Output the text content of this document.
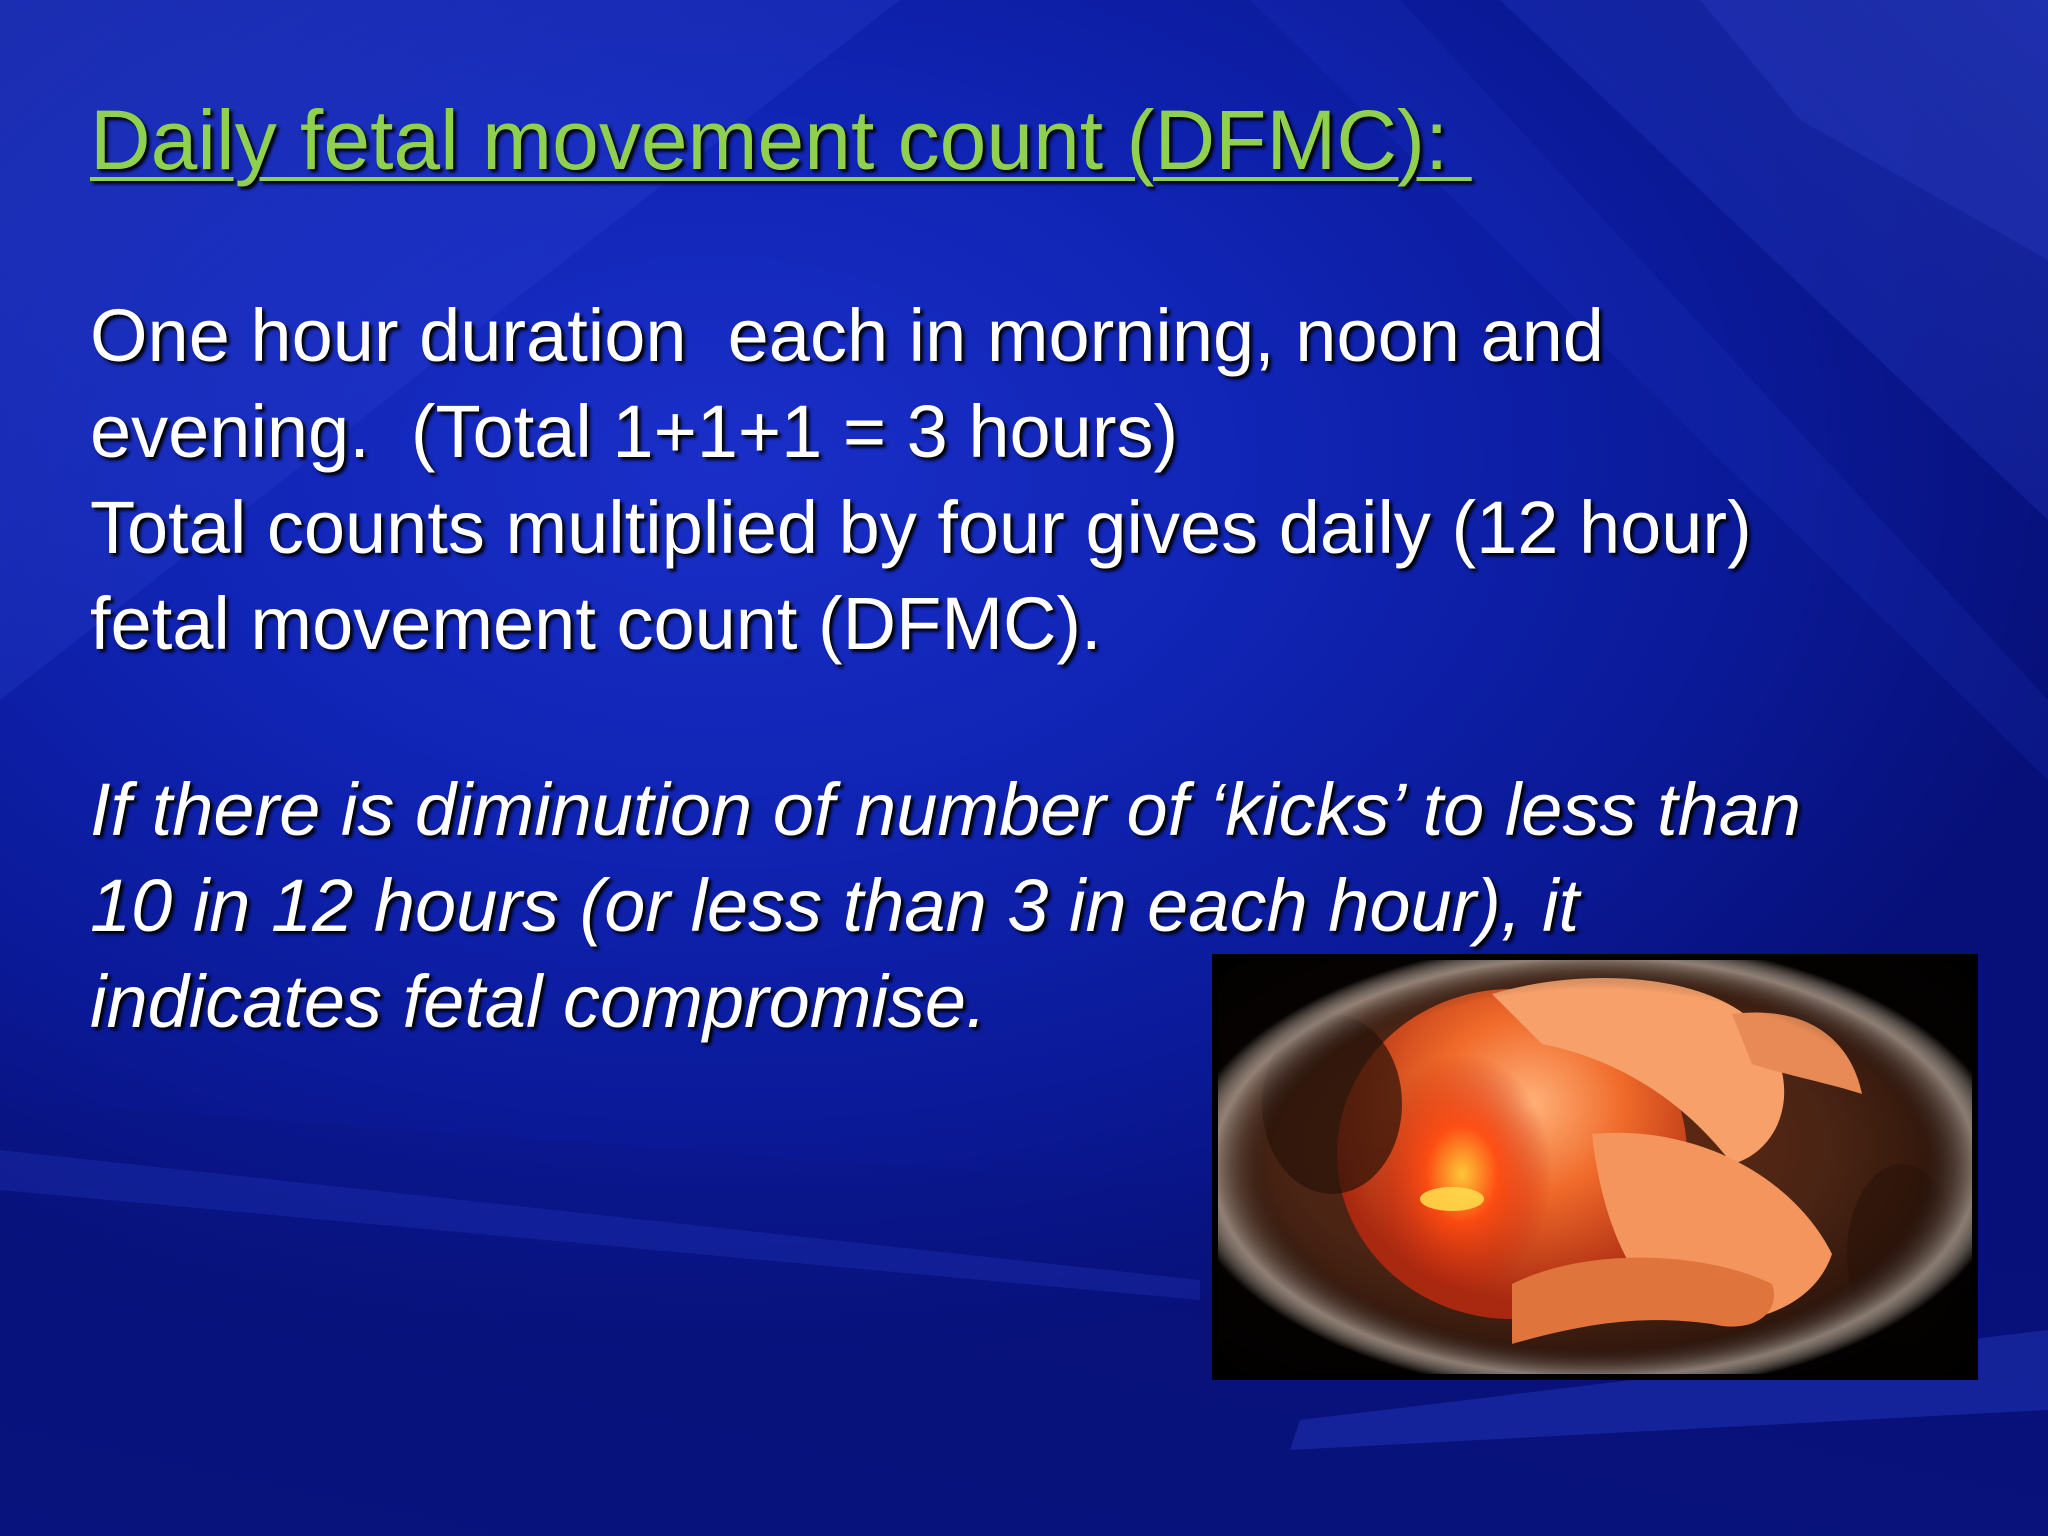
Daily fetal movement count (DFMC):

One hour duration  each in morning, noon and
evening.  (Total 1+1+1 = 3 hours)
Total counts multiplied by four gives daily (12 hour)
fetal movement count (DFMC).

If there is diminution of number of ‘kicks’ to less than
10 in 12 hours (or less than 3 in each hour), it
indicates fetal compromise.
